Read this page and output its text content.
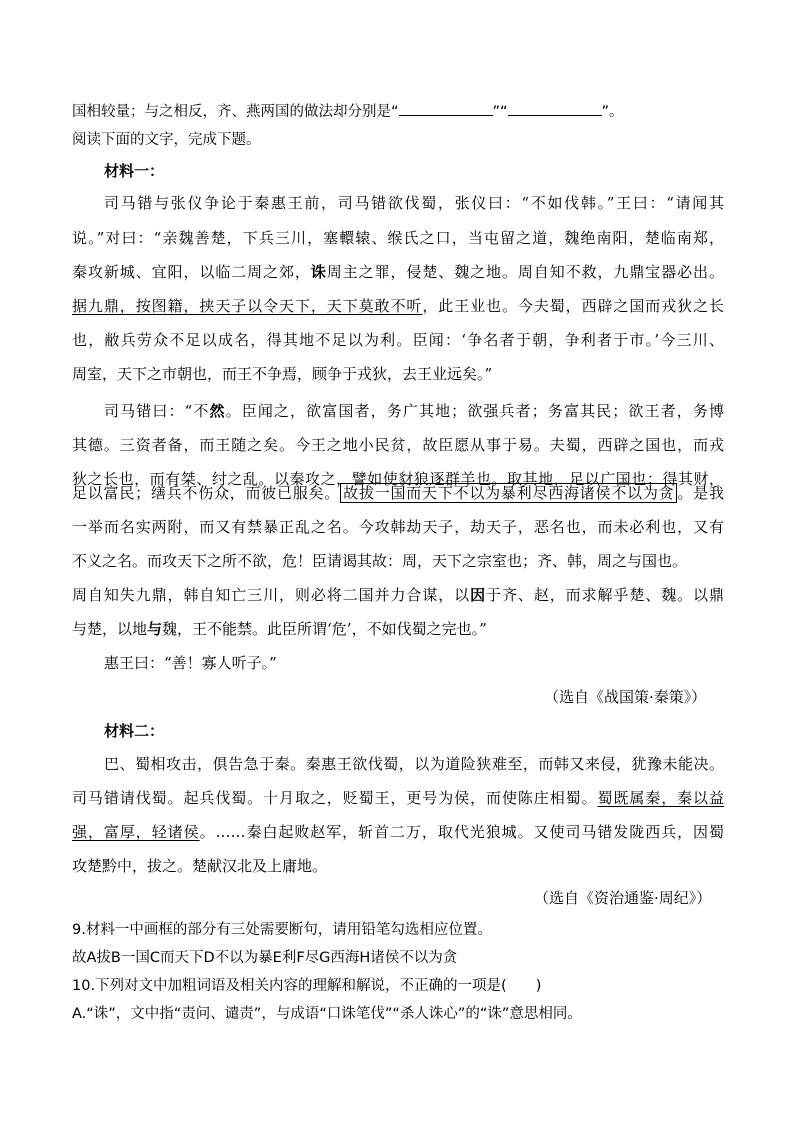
国相较量；与之相反，齐、燕两国的做法却分别是“	”“	”。
阅读下面的文字，完成下题。
材料一：
司马错与张仪争论于秦惠王前，司马错欲伐蜀，张仪曰：“不如伐韩。”王曰：“请闻其
说。”对曰：“亲魏善楚，下兵三川，塞轘辕、缑氏之口，当屯留之道，魏绝南阳，楚临南郑，
秦攻新城、宜阳，以临二周之郊，诛周主之罪，侵楚、魏之地。周自知不救，九鼎宝器必出。
据九鼎，按图籍，挟天子以令天下，天下莫敢不听，此王业也。今夫蜀，西辟之国而戎狄之长
也，敝兵劳众不足以成名，得其地不足以为利。臣闻：‘争名者于朝，争利者于市。’今三川、
周室，天下之市朝也，而王不争焉，顾争于戎狄，去王业远矣。”
司马错曰：“不然。臣闻之，欲富国者，务广其地；欲强兵者；务富其民；欲王者，务博
其德。三资者备，而王随之矣。今王之地小民贫，故臣愿从事于易。夫蜀，西辟之国也，而戎
狄之长也，而有桀、纣之乱。以秦攻之，譬如使豺狼逐群羊也。取其地，足以广国也；得其财，
足以富民；缮兵不伤众，而彼已服矣。 故拔一国而天下不以为暴利尽西海诸侯不以为贪 。是我
一举而名实两附，而又有禁暴正乱之名。今攻韩劫天子，劫天子，恶名也，而未必利也，又有
不义之名。而攻天下之所不欲，危！臣请谒其故：周，天下之宗室也；齐、韩，周之与国也。
周自知失九鼎，韩自知亡三川，则必将二国并力合谋，以因于齐、赵，而求解乎楚、魏。以鼎
与楚，以地与魏，王不能禁。此臣所谓‘危’，不如伐蜀之完也。”
惠王曰：“善！寡人听子。”
（选自《战国策·秦策》）
材料二：
巴、蜀相攻击，俱告急于秦。秦惠王欲伐蜀，以为道险狭难至，而韩又来侵，犹豫未能决。
司马错请伐蜀。起兵伐蜀。十月取之，贬蜀王，更号为侯，而使陈庄相蜀。蜀既属秦，秦以益
强，富厚，轻诸侯。……秦白起败赵军，斩首二万，取代光狼城。又使司马错发陇西兵，因蜀
攻楚黔中，拔之。楚献汉北及上庸地。
（选自《资治通鉴·周纪》）
9.材料一中画框的部分有三处需要断句，请用铅笔勾选相应位置。
故A拔B一国C而天下D不以为暴E利F尽G西海H诸侯不以为贪
10.下列对文中加粗词语及相关内容的理解和解说，不正确的一项是(　　)
A.“诛”，文中指“责问、谴责”，与成语“口诛笔伐”“杀人诛心”的“诛”意思相同。
